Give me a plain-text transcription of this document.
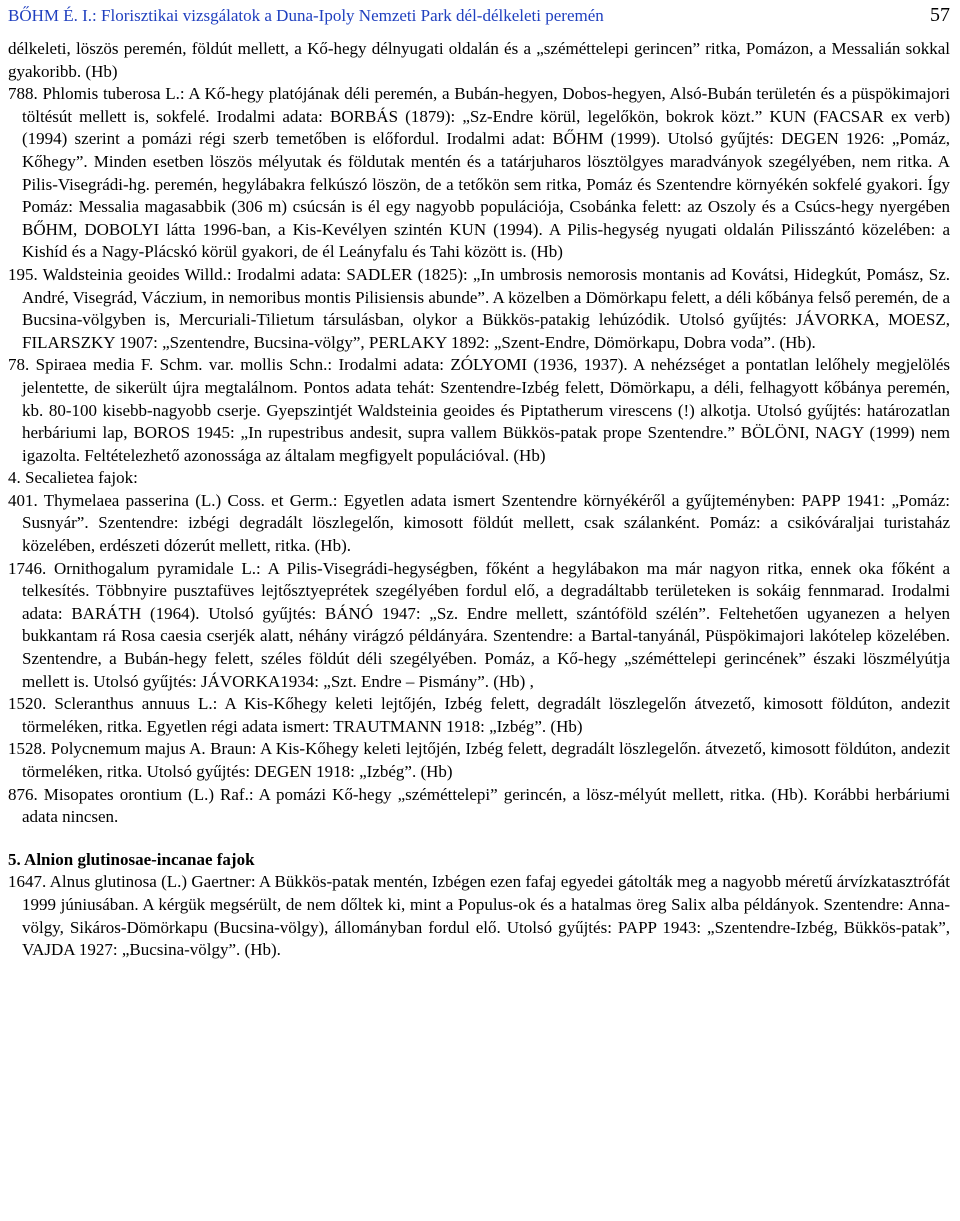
BŐHM É. I.: Florisztikai vizsgálatok a Duna-Ipoly Nemzeti Park dél-délkeleti peremén	57

délkeleti, löszös peremén, földút mellett, a Kő-hegy délnyugati oldalán és a „széméttelepi gerincen” ritka, Pomázon, a Messalián sokkal gyakoribb. (Hb)

788. Phlomis tuberosa L.: A Kő-hegy platójának déli peremén, a Bubán-hegyen, Dobos-hegyen, Alsó-Bubán területén és a püspökimajori töltésút mellett is, sokfelé. Irodalmi adata: BORBÁS (1879): „Sz-Endre körül, legelőkön, bokrok közt.” KUN (FACSAR ex verb) (1994) szerint a pomázi régi szerb temetőben is előfordul. Irodalmi adat: BŐHM (1999). Utolsó gyűjtés: DEGEN 1926: „Pomáz, Kőhegy”. Minden esetben löszös mélyutak és földutak mentén és a tatárjuharos lösztölgyes maradványok szegélyében, nem ritka. A Pilis-Visegrádi-hg. peremén, hegylábakra felkúszó löszön, de a tetőkön sem ritka, Pomáz és Szentendre környékén sokfelé gyakori. Így Pomáz: Messalia magasabbik (306 m) csúcsán is él egy nagyobb populációja, Csobánka felett: az Oszoly és a Csúcs-hegy nyergében BŐHM, DOBOLYI látta 1996-ban, a Kis-Kevélyen szintén KUN (1994). A Pilis-hegység nyugati oldalán Pilisszántó közelében: a Kishíd és a Nagy-Plácskó körül gyakori, de él Leányfalu és Tahi között is. (Hb)

195. Waldsteinia geoides Willd.: Irodalmi adata: SADLER (1825): „In umbrosis nemorosis montanis ad Kovátsi, Hidegkút, Pomász, Sz. André, Visegrád, Váczium, in nemoribus montis Pilisiensis abunde”. A közelben a Dömörkapu felett, a déli kőbánya felső peremén, de a Bucsina-völgyben is, Mercuriali-Tilietum társulásban, olykor a Bükkös-patakig lehúzódik. Utolsó gyűjtés: JÁVORKA, MOESZ, FILARSZKY 1907: „Szentendre, Bucsina-völgy”, PERLAKY 1892: „Szent-Endre, Dömörkapu, Dobra voda”. (Hb).

78. Spiraea media F. Schm. var. mollis Schn.: Irodalmi adata: ZÓLYOMI (1936, 1937). A nehézséget a pontatlan lelőhely megjelölés jelentette, de sikerült újra megtalálnom. Pontos adata tehát: Szentendre-Izbég felett, Dömörkapu, a déli, felhagyott kőbánya peremén, kb. 80-100 kisebb-nagyobb cserje. Gyepszintjét Waldsteinia geoides és Piptatherum virescens (!) alkotja. Utolsó gyűjtés: határozatlan herbáriumi lap, BOROS 1945: „In rupestribus andesit, supra vallem Bükkös-patak prope Szentendre.” BÖLÖNI, NAGY (1999) nem igazolta. Feltételezhető azonossága az általam megfigyelt populációval. (Hb)

4. Secalietea fajok:

401. Thymelaea passerina (L.) Coss. et Germ.: Egyetlen adata ismert Szentendre környékéről a gyűjteményben: PAPP 1941: „Pomáz: Susnyár”. Szentendre: izbégi degradált löszlegelőn, kimosott földút mellett, csak szálanként. Pomáz: a csikóváraljai turistaház közelében, erdészeti dózerút mellett, ritka. (Hb).

1746. Ornithogalum pyramidale L.: A Pilis-Visegrádi-hegységben, főként a hegylábakon ma már nagyon ritka, ennek oka főként a telkesítés. Többnyire pusztafüves lejtősztyeprétek szegélyében fordul elő, a degradáltabb területeken is sokáig fennmarad. Irodalmi adata: BARÁTH (1964). Utolsó gyűjtés: BÁNÓ 1947: „Sz. Endre mellett, szántóföld szélén”. Feltehetően ugyanezen a helyen bukkantam rá Rosa caesia cserjék alatt, néhány virágzó példányára. Szentendre: a Bartal-tanyánál, Püspökimajori lakótelep közelében. Szentendre, a Bubán-hegy felett, széles földút déli szegélyében. Pomáz, a Kő-hegy „széméttelepi gerincének” északi löszmélyútja mellett is. Utolsó gyűjtés: JÁVORKA1934: „Szt. Endre – Pismány”. (Hb) ,

1520. Scleranthus annuus L.: A Kis-Kőhegy keleti lejtőjén, Izbég felett, degradált löszlegelőn átvezető, kimosott földúton, andezit törmeléken, ritka. Egyetlen régi adata ismert: TRAUTMANN 1918: „Izbég”. (Hb)

1528. Polycnemum majus A. Braun: A Kis-Kőhegy keleti lejtőjén, Izbég felett, degradált löszlegelőn. átvezető, kimosott földúton, andezit törmeléken, ritka. Utolsó gyűjtés: DEGEN 1918: „Izbég”. (Hb)

876. Misopates orontium (L.) Raf.: A pomázi Kő-hegy „széméttelepi” gerincén, a lösz-mélyút mellett, ritka. (Hb). Korábbi herbáriumi adata nincsen.

5. Alnion glutinosae-incanae fajok

1647. Alnus glutinosa (L.) Gaertner: A Bükkös-patak mentén, Izbégen ezen fafaj egyedei gátolták meg a nagyobb méretű árvízkatasztrófát 1999 júniusában. A kérgük megsérült, de nem dőltek ki, mint a Populus-ok és a hatalmas öreg Salix alba példányok. Szentendre: Anna-völgy, Sikáros-Dömörkapu (Bucsina-völgy), állományban fordul elő. Utolsó gyűjtés: PAPP 1943: „Szentendre-Izbég, Bükkös-patak”, VAJDA 1927: „Bucsina-völgy”. (Hb).
